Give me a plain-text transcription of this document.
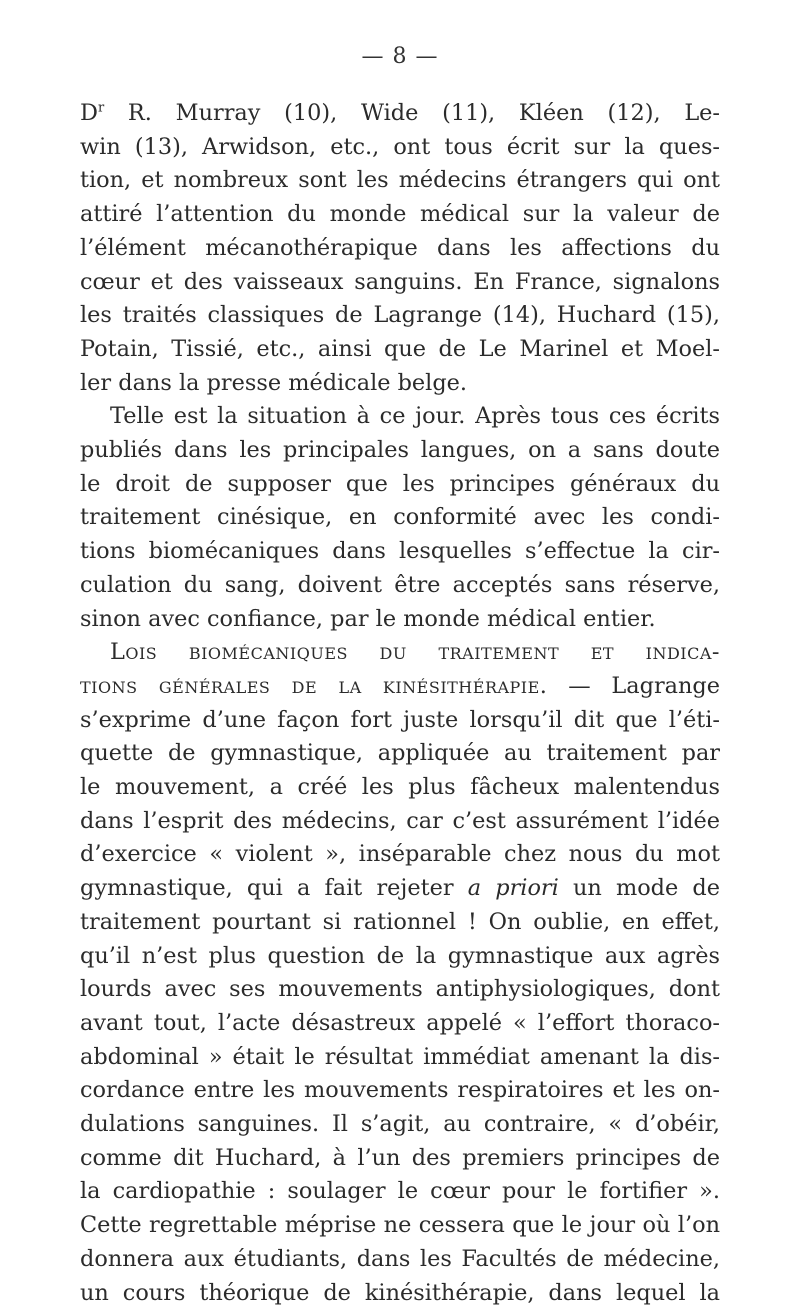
— 8 —
$D^r$ R. Murray (10), Wide (11), Kléen (12), Le-
win (13), Arwidson, etc., ont tous écrit sur la ques-
tion, et nombreux sont les médecins étrangers qui ont
attiré l’attention du monde médical sur la valeur de
l’élément mécanothérapique dans les affections du
cœur et des vaisseaux sanguins. En France, signalons
les traités classiques de Lagrange (14), Huchard (15),
Potain, Tissié, etc., ainsi que de Le Marinel et Moel-
ler dans la presse médicale belge.
Telle est la situation à ce jour. Après tous ces écrits
publiés dans les principales langues, on a sans doute
le droit de supposer que les principes généraux du
traitement cinésique, en conformité avec les condi-
tions biomécaniques dans lesquelles s’effectue la cir-
culation du sang, doivent être acceptés sans réserve,
sinon avec confiance, par le monde médical entier.
Lois biomécaniques du traitement et indica-
tions générales de la kinésithérapie. — Lagrange
s’exprime d’une façon fort juste lorsqu’il dit que l’éti-
quette de gymnastique, appliquée au traitement par
le mouvement, a créé les plus fâcheux malentendus
dans l’esprit des médecins, car c’est assurément l’idée
d’exercice « violent », inséparable chez nous du mot
gymnastique, qui a fait rejeter a priori un mode de
traitement pourtant si rationnel ! On oublie, en effet,
qu’il n’est plus question de la gymnastique aux agrès
lourds avec ses mouvements antiphysiologiques, dont
avant tout, l’acte désastreux appelé « l’effort thoraco-
abdominal » était le résultat immédiat amenant la dis-
cordance entre les mouvements respiratoires et les on-
dulations sanguines. Il s’agit, au contraire, « d’obéir,
comme dit Huchard, à l’un des premiers principes de
la cardiopathie : soulager le cœur pour le fortifier ».
Cette regrettable méprise ne cessera que le jour où l’on
donnera aux étudiants, dans les Facultés de médecine,
un cours théorique de kinésithérapie, dans lequel la
